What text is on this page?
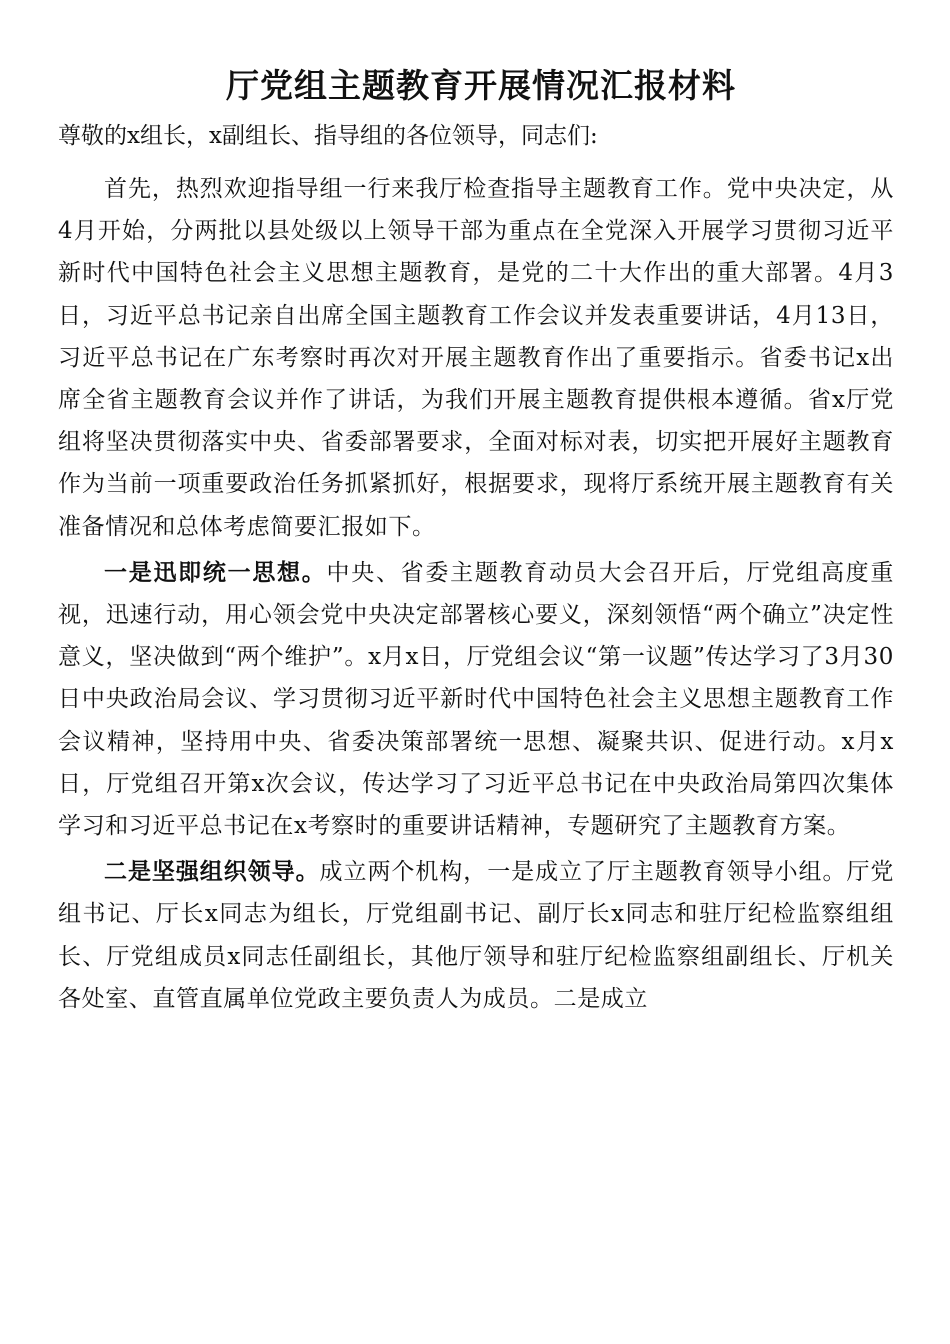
厅党组主题教育开展情况汇报材料

尊敬的x组长，x副组长、指导组的各位领导，同志们:

首先，热烈欢迎指导组一行来我厅检查指导主题教育工作。党中央决定，从4月开始，分两批以县处级以上领导干部为重点在全党深入开展学习贯彻习近平新时代中国特色社会主义思想主题教育，是党的二十大作出的重大部署。4月3日，习近平总书记亲自出席全国主题教育工作会议并发表重要讲话，4月13日，习近平总书记在广东考察时再次对开展主题教育作出了重要指示。省委书记x出席全省主题教育会议并作了讲话，为我们开展主题教育提供根本遵循。省x厅党组将坚决贯彻落实中央、省委部署要求，全面对标对表，切实把开展好主题教育作为当前一项重要政治任务抓紧抓好，根据要求，现将厅系统开展主题教育有关准备情况和总体考虑简要汇报如下。

一是迅即统一思想。中央、省委主题教育动员大会召开后，厅党组高度重视，迅速行动，用心领会党中央决定部署核心要义，深刻领悟“两个确立”决定性意义，坚决做到“两个维护”。x月x日，厅党组会议“第一议题”传达学习了3月30日中央政治局会议、学习贯彻习近平新时代中国特色社会主义思想主题教育工作会议精神，坚持用中央、省委决策部署统一思想、凝聚共识、促进行动。x月x日，厅党组召开第x次会议，传达学习了习近平总书记在中央政治局第四次集体学习和习近平总书记在x考察时的重要讲话精神，专题研究了主题教育方案。

二是坚强组织领导。成立两个机构，一是成立了厅主题教育领导小组。厅党组书记、厅长x同志为组长，厅党组副书记、副厅长x同志和驻厅纪检监察组组长、厅党组成员x同志任副组长，其他厅领导和驻厅纪检监察组副组长、厅机关各处室、直管直属单位党政主要负责人为成员。二是成立
